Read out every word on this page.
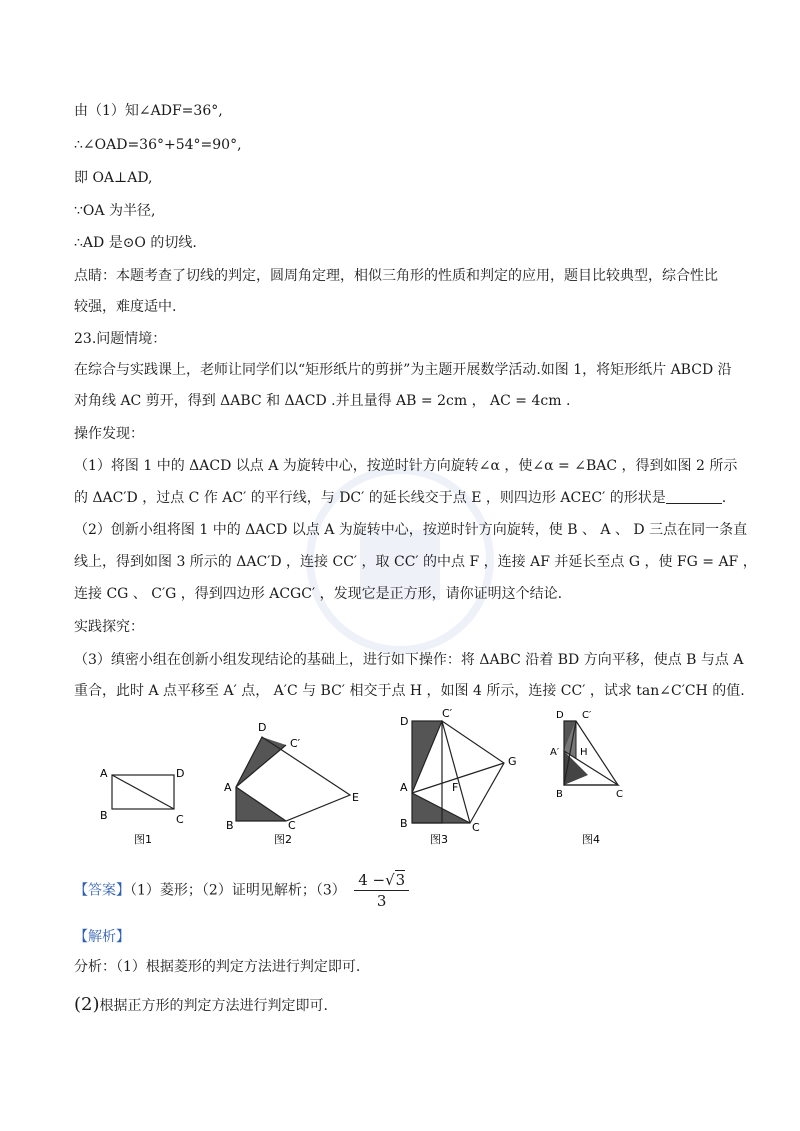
由（1）知∠ADF=36°,
∴∠OAD=36°+54°=90°,
即 OA⊥AD,
∵OA 为半径,
∴AD 是⊙O 的切线.
点睛：本题考查了切线的判定，圆周角定理，相似三角形的性质和判定的应用，题目比较典型，综合性比
较强，难度适中.
23.问题情境：
在综合与实践课上，老师让同学们以“矩形纸片的剪拼”为主题开展数学活动.如图 1，将矩形纸片 ABCD 沿
对角线 AC 剪开，得到 ΔABC 和 ΔACD .并且量得 AB = 2cm ， AC = 4cm .
操作发现：
（1）将图 1 中的 ΔACD 以点 A 为旋转中心，按逆时针方向旋转∠α ，使∠α = ∠BAC ，得到如图 2 所示
的 ΔAC′D ，过点 C 作 AC′ 的平行线，与 DC′ 的延长线交于点 E ，则四边形 ACEC′ 的形状是	.
（2）创新小组将图 1 中的 ΔACD 以点 A 为旋转中心，按逆时针方向旋转，使 B 、 A 、 D 三点在同一条直
线上，得到如图 3 所示的 ΔAC′D ，连接 CC′ ，取 CC′ 的中点 F ，连接 AF 并延长至点 G ，使 FG = AF ，
连接 CG 、 C′G ，得到四边形 ACGC′ ，发现它是正方形，请你证明这个结论.
实践探究：
（3）缜密小组在创新小组发现结论的基础上，进行如下操作：将 ΔABC 沿着 BD 方向平移，使点 B 与点 A
重合，此时 A 点平移至 A′ 点， A′C 与 BC′ 相交于点 H ，如图 4 所示，连接 CC′ ，试求 tan∠C′CH 的值.
A	D
B	C
图1
D
C′
A
E
B	C
图2
D
C′
G
A	F
B	C
图3
D C′
A′ H
B	C
图4
【答案】（1）菱形；（2）证明见解析；$(3) \frac{4 -√3}{3}$
【解析】
分析：（1）根据菱形的判定方法进行判定即可.
(2)根据正方形的判定方法进行判定即可.
